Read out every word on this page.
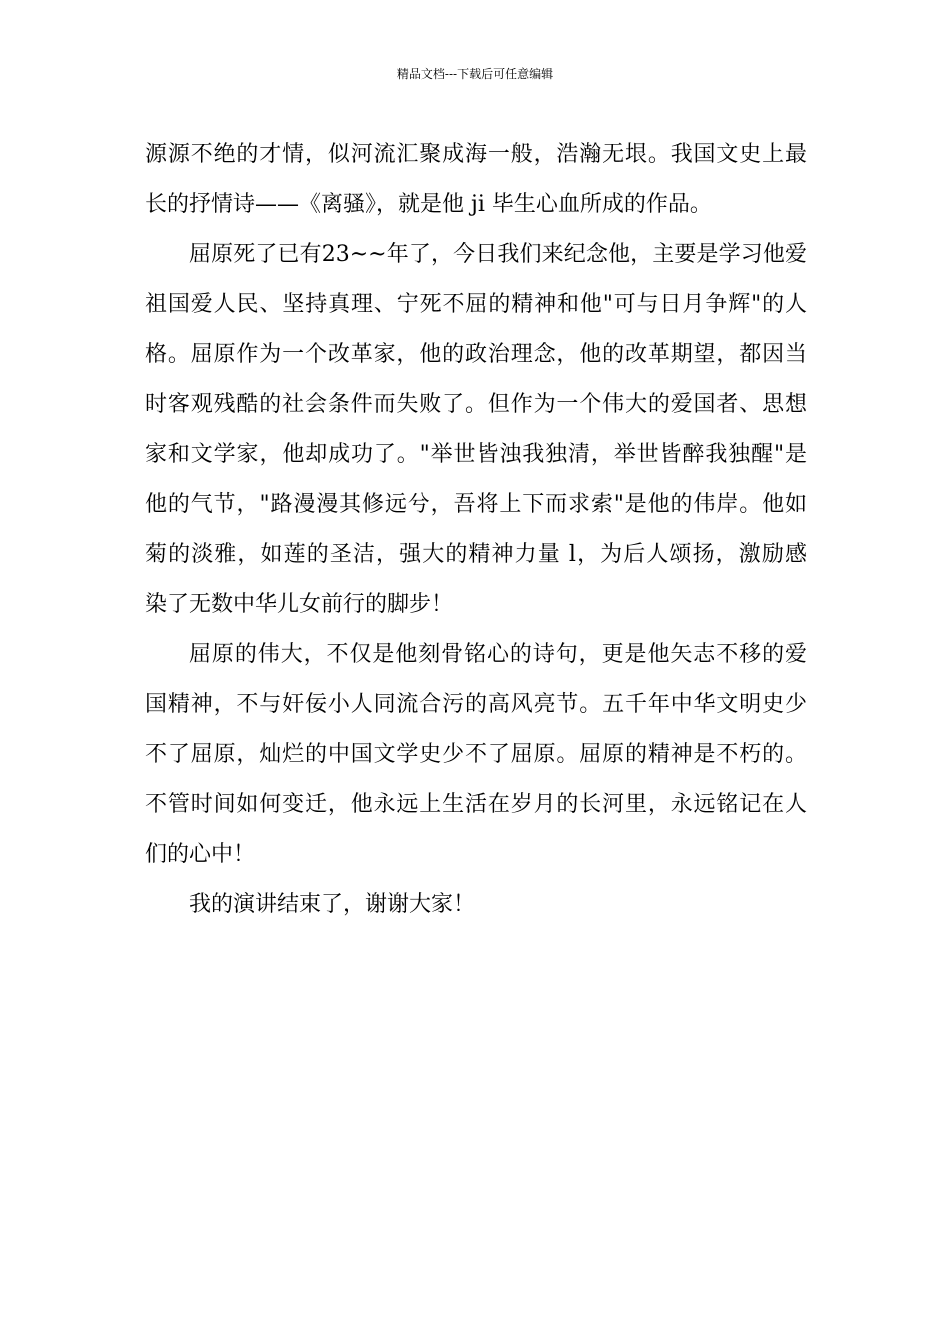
精品文档---下载后可任意编辑
源源不绝的才情，似河流汇聚成海一般，浩瀚无垠。我国文史上最
长的抒情诗——《离骚》，就是他 ji 毕生心血所成的作品。
屈原死了已有23~~年了，今日我们来纪念他，主要是学习他爱
祖国爱人民、坚持真理、宁死不屈的精神和他"可与日月争辉"的人
格。屈原作为一个改革家，他的政治理念，他的改革期望，都因当
时客观残酷的社会条件而失败了。但作为一个伟大的爱国者、思想
家和文学家，他却成功了。"举世皆浊我独清，举世皆醉我独醒"是
他的气节，"路漫漫其修远兮，吾将上下而求索"是他的伟岸。他如
菊的淡雅，如莲的圣洁，强大的精神力量 l，为后人颂扬，激励感
染了无数中华儿女前行的脚步！
屈原的伟大，不仅是他刻骨铭心的诗句，更是他矢志不移的爱
国精神，不与奸佞小人同流合污的高风亮节。五千年中华文明史少
不了屈原，灿烂的中国文学史少不了屈原。屈原的精神是不朽的。
不管时间如何变迁，他永远上生活在岁月的长河里，永远铭记在人
们的心中！
我的演讲结束了，谢谢大家！
